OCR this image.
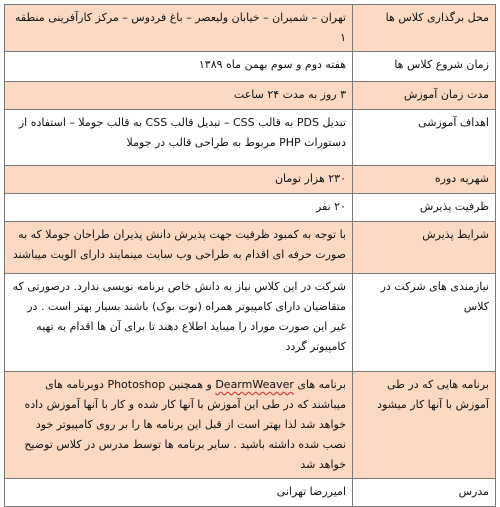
محل برگذاری کلاس ها	تهران – شمیران – خیابان ولیعصر – باغ فردوس – مرکز کارآفرینی منطقه ۱
زمان شروع کلاس ها	هفته دوم و سوم بهمن ماه ۱۳۸۹
مدت زمان آموزش	۳ روز به مدت ۲۴ ساعت
اهداف آموزشی	تبدیل PDS به قالب CSS – تبدیل قالب CSS به قالب جوملا – استفاده از دستورات PHP مربوط به طراحی قالب در جوملا
شهریه دوره	۲۳۰ هزار تومان
ظرفیت پذیرش	۲۰ نفر
شرایط پذیرش	با توجه به کمبود ظرفیت جهت پذیرش دانش پذیران طراحان جوملا که به صورت حرفه ای اقدام به طراحی وب سایت مینمایند دارای الویت میباشند
نیازمندی های شرکت در کلاس	شرکت در این کلاس نیاز به دانش خاص برنامه نویسی ندارد. درصورتی که متقاضیان دارای کامپیوتر همراه (نوت بوک) باشند بسیار بهتر است . در غیر این صورت موراد را میباید اطلاع دهند تا برای آن ها اقدام به تهیه کامپیوتر گردد
برنامه هایی که در طی آموزش با آنها کار میشود	برنامه های DearmWeaver و همچنین Photoshop دوبرنامه های میباشند که در طی این آموزش با آنها کار شده و کار با آنها آموزش داده خواهد شد لذا بهتر است از قبل این برنامه ها را بر روی کامپیوتر خود نصب شده داشته باشید . سایر برنامه ها توسط مدرس در کلاس توضیح خواهد شد
مدرس	امیررضا تهرانی
